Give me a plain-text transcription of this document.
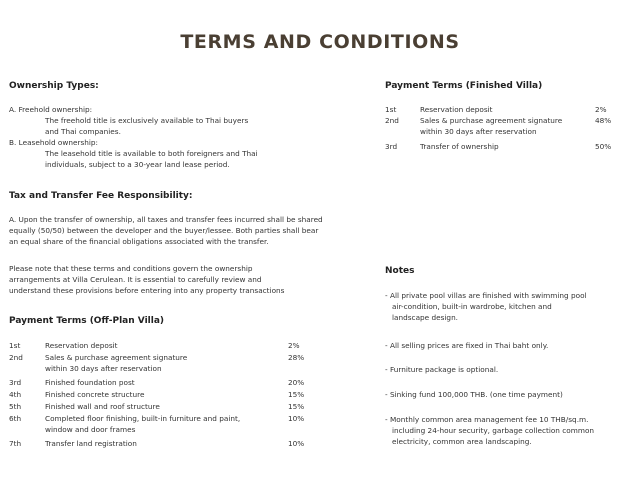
TERMS AND CONDITIONS
Ownership Types:
A. Freehold ownership:
The freehold title is exclusively available to Thai buyers
and Thai companies.
B. Leasehold ownership:
The leasehold title is available to both foreigners and Thai
individuals, subject to a 30-year land lease period.
Tax and Transfer Fee Responsibility:
A. Upon the transfer of ownership, all taxes and transfer fees incurred shall be shared
equally (50/50) between the developer and the buyer/lessee. Both parties shall bear
an equal share of the financial obligations associated with the transfer.
Please note that these terms and conditions govern the ownership
arrangements at Villa Cerulean. It is essential to carefully review and
understand these provisions before entering into any property transactions
Payment Terms (Off-Plan Villa)
1st	Reservation deposit	2%
2nd	Sales & purchase agreement signature	28%
within 30 days after reservation
3rd	Finished foundation post	20%
4th	Finished concrete structure	15%
5th	Finished wall and roof structure	15%
6th	Completed floor finishing, built-in furniture and paint,	10%
window and door frames
7th	Transfer land registration	10%
Payment Terms (Finished Villa)
1st	Reservation deposit	2%
2nd	Sales & purchase agreement signature	48%
within 30 days after reservation
3rd	Transfer of ownership	50%
Notes
- All private pool villas are finished with swimming pool
air-condition, built-in wardrobe, kitchen and
landscape design.
- All selling prices are fixed in Thai baht only.
- Furniture package is optional.
- Sinking fund 100,000 THB. (one time payment)
- Monthly common area management fee 10 THB/sq.m.
including 24-hour security, garbage collection common
electricity, common area landscaping.
